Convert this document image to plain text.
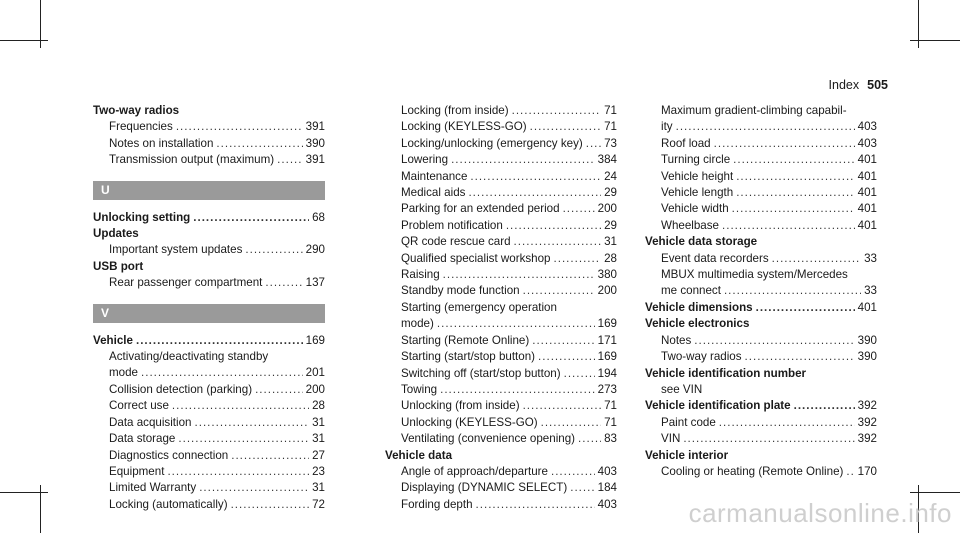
Index 505
Two-way radios
Frequencies .....	391
Notes on installation .....	390
Transmission output (maximum) .....	391
U
Unlocking setting .....	68
Updates
Important system updates .....	290
USB port
Rear passenger compartment .....	137
V
Vehicle .....	169
Activating/deactivating standby
mode .....	201
Collision detection (parking) .....	200
Correct use .....	28
Data acquisition .....	31
Data storage .....	31
Diagnostics connection .....	27
Equipment .....	23
Limited Warranty .....	31
Locking (automatically) .....	72
Locking (from inside) .....	71
Locking (KEYLESS-GO) .....	71
Locking/unlocking (emergency key) ..... 73
Lowering .....	384
Maintenance .....	24
Medical aids .....	29
Parking for an extended period .....	200
Problem notification .....	29
QR code rescue card .....	31
Qualified specialist workshop .....	28
Raising .....	380
Standby mode function .....	200
Starting (emergency operation
mode) .....	169
Starting (Remote Online) .....	171
Starting (start/stop button) .....	169
Switching off (start/stop button) .....	194
Towing .....	273
Unlocking (from inside) .....	71
Unlocking (KEYLESS-GO) .....	71
Ventilating (convenience opening) .....	83
Vehicle data
Angle of approach/departure .....	403
Displaying (DYNAMIC SELECT) .....	184
Fording depth .....	403
Maximum gradient-climbing capabil-
ity .....	403
Roof load .....	403
Turning circle .....	401
Vehicle height .....	401
Vehicle length .....	401
Vehicle width .....	401
Wheelbase .....	401
Vehicle data storage
Event data recorders .....	33
MBUX multimedia system/Mercedes
me connect .....	33
Vehicle dimensions .....	401
Vehicle electronics
Notes .....	390
Two-way radios .....	390
Vehicle identification number
see VIN
Vehicle identification plate .....	392
Paint code .....	392
VIN .....	392
Vehicle interior
Cooling or heating (Remote Online) ..... 170
carmanualsonline.info
